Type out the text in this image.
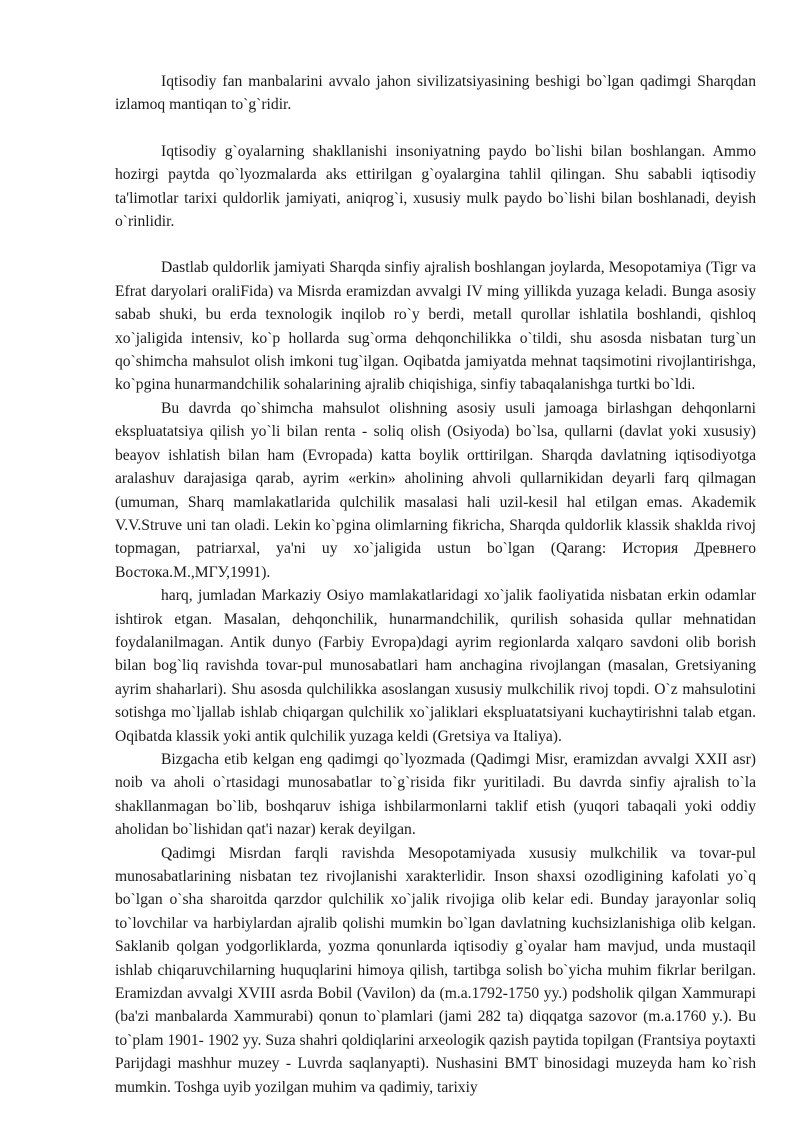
Iqtisodiy fan manbalarini avvalo jahon sivilizatsiyasining beshigi bo`lgan qadimgi Sharqdan izlamoq mantiqan to`g`ridir.

Iqtisodiy g`oyalarning shakllanishi insoniyatning paydo bo`lishi bilan boshlangan. Ammo hozirgi paytda qo`lyozmalarda aks ettirilgan g`oyalargina tahlil qilingan. Shu sababli iqtisodiy ta'limotlar tarixi quldorlik jamiyati, aniqrog`i, xususiy mulk paydo bo`lishi bilan boshlanadi, deyish o`rinlidir.

Dastlab quldorlik jamiyati Sharqda sinfiy ajralish boshlangan joylarda, Mesopotamiya (Tigr va Efrat daryolari oraliFida) va Misrda eramizdan avvalgi IV ming yillikda yuzaga keladi. Bunga asosiy sabab shuki, bu erda texnologik inqilob ro`y berdi, metall qurollar ishlatila boshlandi, qishloq xo`jaligida intensiv, ko`p hollarda sug`orma dehqonchilikka o`tildi, shu asosda nisbatan turg`un qo`shimcha mahsulot olish imkoni tug`ilgan. Oqibatda jamiyatda mehnat taqsimotini rivojlantirishga, ko`pgina hunarmandchilik sohalarining ajralib chiqishiga, sinfiy tabaqalanishga turtki bo`ldi.

Bu davrda qo`shimcha mahsulot olishning asosiy usuli jamoaga birlashgan dehqonlarni ekspluatatsiya qilish yo`li bilan renta - soliq olish (Osiyoda) bo`lsa, qullarni (davlat yoki xususiy) beayov ishlatish bilan ham (Evropada) katta boylik orttirilgan. Sharqda davlatning iqtisodiyotga aralashuv darajasiga qarab, ayrim «erkin» aholining ahvoli qullarnikidan deyarli farq qilmagan (umuman, Sharq mamlakatlarida qulchilik masalasi hali uzil-kesil hal etilgan emas. Akademik V.V.Struve uni tan oladi. Lekin ko`pgina olimlarning fikricha, Sharqda quldorlik klassik shaklda rivoj topmagan, patriarxal, ya'ni uy xo`jaligida ustun bo`lgan (Qarang: История Древнего Востока.М.,МГУ,1991).

harq, jumladan Markaziy Osiyo mamlakatlaridagi xo`jalik faoliyatida nisbatan erkin odamlar ishtirok etgan. Masalan, dehqonchilik, hunarmandchilik, qurilish sohasida qullar mehnatidan foydalanilmagan. Antik dunyo (Farbiy Evropa)dagi ayrim regionlarda xalqaro savdoni olib borish bilan bog`liq ravishda tovar-pul munosabatlari ham anchagina rivojlangan (masalan, Gretsiyaning ayrim shaharlari). Shu asosda qulchilikka asoslangan xususiy mulkchilik rivoj topdi. O`z mahsulotini sotishga mo`ljallab ishlab chiqargan qulchilik xo`jaliklari ekspluatatsiyani kuchaytirishni talab etgan. Oqibatda klassik yoki antik qulchilik yuzaga keldi (Gretsiya va Italiya).

Bizgacha etib kelgan eng qadimgi qo`lyozmada (Qadimgi Misr, eramizdan avvalgi XXII asr) noib va aholi o`rtasidagi munosabatlar to`g`risida fikr yuritiladi. Bu davrda sinfiy ajralish to`la shakllanmagan bo`lib, boshqaruv ishiga ishbilarmonlarni taklif etish (yuqori tabaqali yoki oddiy aholidan bo`lishidan qat'i nazar) kerak deyilgan.

Qadimgi Misrdan farqli ravishda Mesopotamiyada xususiy mulkchilik va tovar-pul munosabatlarining nisbatan tez rivojlanishi xarakterlidir. Inson shaxsi ozodligining kafolati yo`q bo`lgan o`sha sharoitda qarzdor qulchilik xo`jalik rivojiga olib kelar edi. Bunday jarayonlar soliq to`lovchilar va harbiylardan ajralib qolishi mumkin bo`lgan davlatning kuchsizlanishiga olib kelgan. Saklanib qolgan yodgorliklarda, yozma qonunlarda iqtisodiy g`oyalar ham mavjud, unda mustaqil ishlab chiqaruvchilarning huquqlarini himoya qilish, tartibga solish bo`yicha muhim fikrlar berilgan. Eramizdan avvalgi XVIII asrda Bobil (Vavilon) da (m.a.1792-1750 yy.) podsholik qilgan Xammurapi (ba'zi manbalarda Xammurabi) qonun to`plamlari (jami 282 ta) diqqatga sazovor (m.a.1760 y.). Bu to`plam 1901- 1902 yy. Suza shahri qoldiqlarini arxeologik qazish paytida topilgan (Frantsiya poytaxti Parijdagi mashhur muzey - Luvrda saqlanyapti). Nushasini BMT binosidagi muzeyda ham ko`rish mumkin. Toshga uyib yozilgan muhim va qadimiy, tarixiy
